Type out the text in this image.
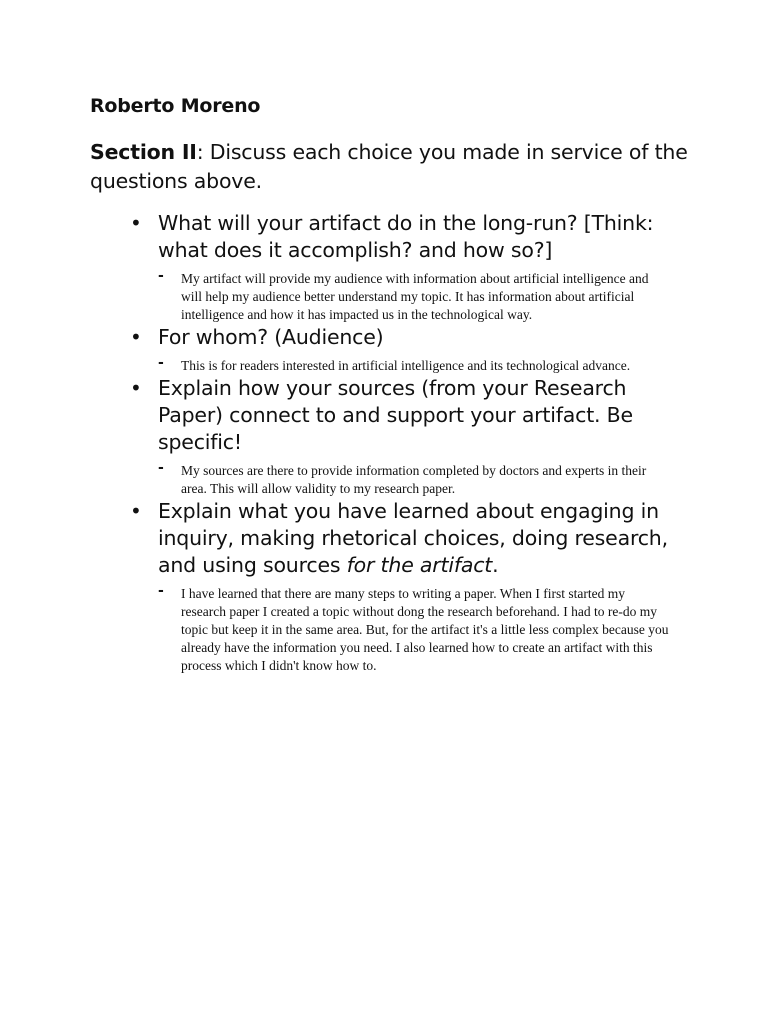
Roberto Moreno
Section II: Discuss each choice you made in service of the questions above.
• What will your artifact do in the long-run? [Think: what does it accomplish? and how so?]
- My artifact will provide my audience with information about artificial intelligence and will help my audience better understand my topic. It has information about artificial intelligence and how it has impacted us in the technological way.
• For whom? (Audience)
- This is for readers interested in artificial intelligence and its technological advance.
• Explain how your sources (from your Research Paper) connect to and support your artifact. Be specific!
- My sources are there to provide information completed by doctors and experts in their area. This will allow validity to my research paper.
• Explain what you have learned about engaging in inquiry, making rhetorical choices, doing research, and using sources for the artifact.
- I have learned that there are many steps to writing a paper. When I first started my research paper I created a topic without dong the research beforehand. I had to re-do my topic but keep it in the same area. But, for the artifact it's a little less complex because you already have the information you need. I also learned how to create an artifact with this process which I didn't know how to.
